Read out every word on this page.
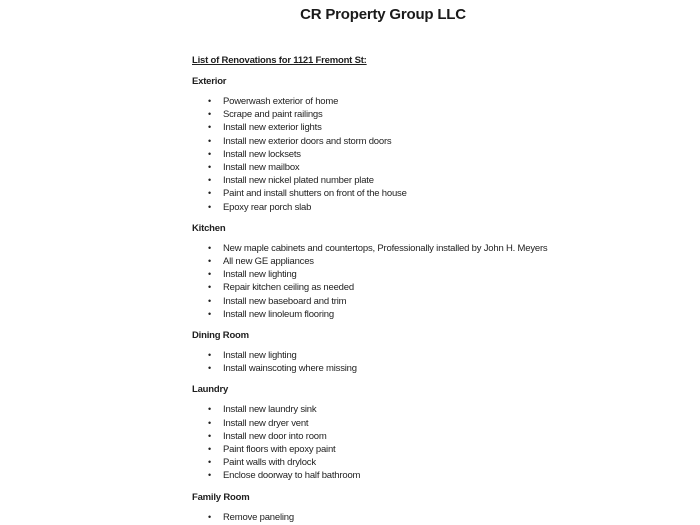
CR Property Group LLC
List of Renovations for 1121 Fremont St:
Exterior
•	Powerwash exterior of home
•	Scrape and paint railings
•	Install new exterior lights
•	Install new exterior doors and storm doors
•	Install new locksets
•	Install new mailbox
•	Install new nickel plated number plate
•	Paint and install shutters on front of the house
•	Epoxy rear porch slab
Kitchen
•	New maple cabinets and countertops, Professionally installed by John H. Meyers
•	All new GE appliances
•	Install new lighting
•	Repair kitchen ceiling as needed
•	Install new baseboard and trim
•	Install new linoleum flooring
Dining Room
•	Install new lighting
•	Install wainscoting where missing
Laundry
•	Install new laundry sink
•	Install new dryer vent
•	Install new door into room
•	Paint floors with epoxy paint
•	Paint walls with drylock
•	Enclose doorway to half bathroom
Family Room
•	Remove paneling
